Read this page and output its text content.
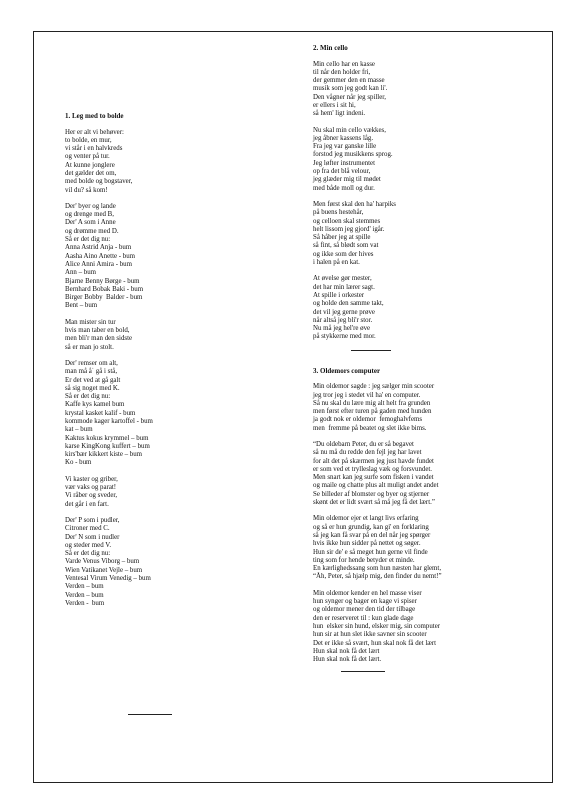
1. Leg med to bolde

Her er alt vi behøver:
to bolde, en mur,
vi står i en halvkreds
og venter på tur.
At kunne jonglere
det gælder det om,
med bolde og bogstaver,
vil du? så kom!
Der' byer og lande
og drenge med B,
Der' A som i Anne
og drømme med D.
Så er det dig nu:
Anna Astrid Anja - bum
Aasha Aino Anette - bum
Alice Anni Amira - bum
Ann – bum
Bjarne Benny Børge - bum
Bernhard Bobak Baki - bum
Birger Bobby  Balder - bum
Bent – bum
Man mister sin tur
hvis man taber en bold,
men bli'r man den sidste
så er man jo stolt.
Der' remser om alt,
man må åˈ gå i stå,
Er det ved at gå galt
så sig noget med K.
Så er det dig nu:
Kaffe kys kamel bum
krystal kasket kalif - bum
kommode kager kartoffel - bum
kat – bum
Kaktus kokus krymmel – bum
karse KingKong kuffert – bum
kirs'bær kikkert kiste – bum
Ko - bum
Vi kaster og griber,
vær vaks og parat!
Vi råber og sveder,
det går i en fart.
Der' P som i pudler,
Citroner med C.
Der' N som i nudler
og steder med V.
Så er det dig nu:
Varde Venus Viborg – bum
Wien Vatikanet Vejle – bum
Ventesal Virum Venedig – bum
Verden – bum
Verden – bum
Verden -  bum

2. Min cello

Min cello har en kasse
til når den holder fri,
der gemmer den en masse
musik som jeg godt kan li'.
Den vågner når jeg spiller,
er ellers i sit hi,
så hem' ligt indeni.
Nu skal min cello vækkes,
jeg åbner kassens låg.
Fra jeg var ganske lille
forstod jeg musikkens sprog.
Jeg løfter instrumentet
op fra det blå velour,
jeg glæder mig til mødet
med både moll og dur.
Men først skal den ha' harpiks
på buens hestehår,
og celloen skal stemmes
helt lissom jeg gjord' igår.
Så håber jeg at spille
så fint, så blødt som vat
og ikke som der hives
i halen på en kat.
At øvelse gør mester,
det har min lærer sagt.
At spille i orkester
og holde den samme takt,
det vil jeg gerne prøve
når altså jeg bli'r stor.
Nu må jeg hel're øve
på stykkerne med mor.

3. Oldemors computer

Min oldemor sagde : jeg sælger min scooter
jeg tror jeg i stedet vil ha' en computer.
Så nu skal du lære mig alt helt fra grunden
men først efter turen på gaden med hunden
ja godt nok er oldemor  femoghalvfems
men  fremme på beatet og slet ikke bims.
“Du oldebarn Peter, du er så begavet
så nu må du redde den fejl jeg har lavet
for alt det på skærmen jeg just havde fundet
er som ved et trylleslag væk og forsvundet.
Men snart kan jeg surfe som fisken i vandet
og maile og chatte plus alt muligt andet andet
Se billeder af blomster og byer og stjerner
skønt det er lidt svært så må jeg få det lært.”
Min oldemor ejer et langt livs erfaring
og så er hun grundig, kan gi' en forklaring
så jeg kan få svar på en del når jeg spørger
hvis ikke hun sidder på nettet og søger.
Hun sir de' e så meget hun gerne vil finde
ting som for hende betyder et minde.
En kærlighedssang som hun næsten har glemt,
“Åh, Peter, så hjælp mig, den finder du nemt!”
Min oldemor kender en hel masse viser
hun synger og bager en kage vi spiser
og oldemor mener den tid der tilbage
den er reserveret til : kun glade dage
hun  elsker sin hund, elsker mig, sin computer
hun sir at hun slet ikke savner sin scooter
Det er ikke så svært, hun skal nok få det lært
Hun skal nok få det lært
Hun skal nok få det lært.
